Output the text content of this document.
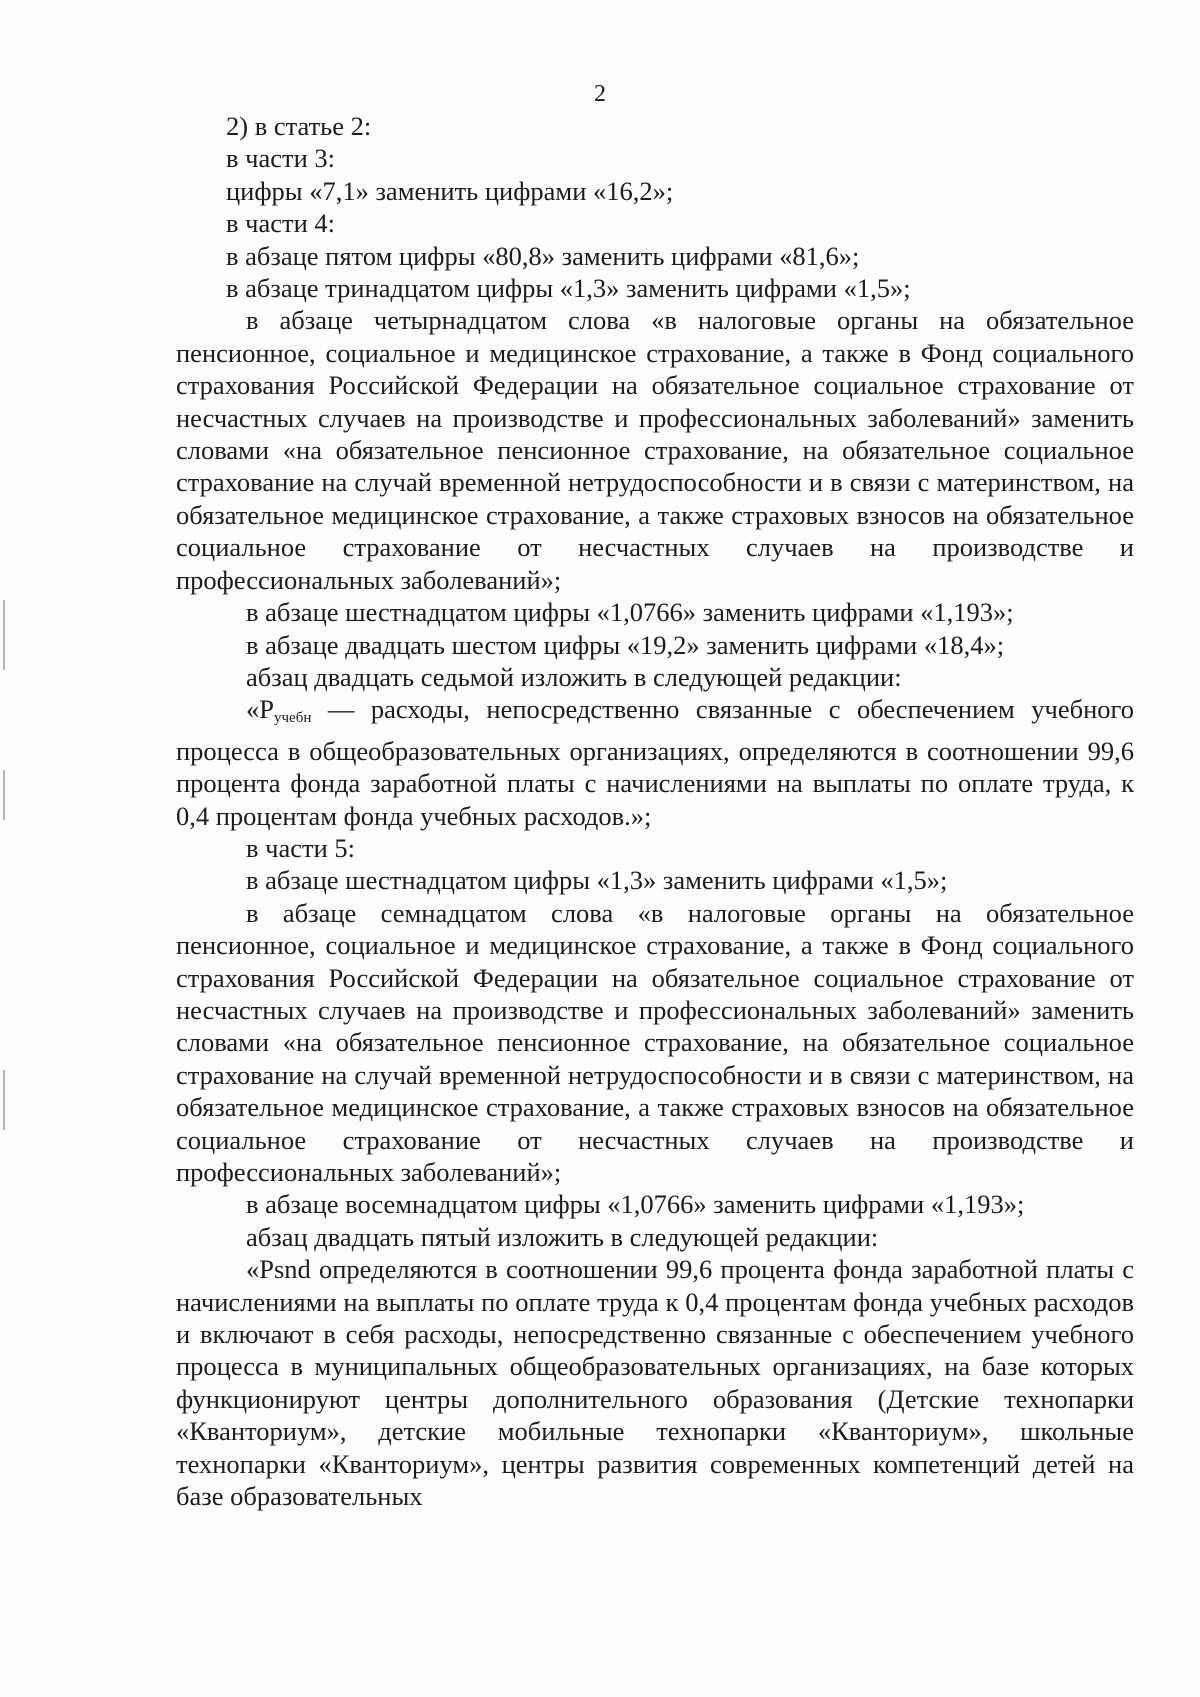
2

2) в статье 2:

в части 3:

цифры «7,1» заменить цифрами «16,2»;

в части 4:

в абзаце пятом цифры «80,8» заменить цифрами «81,6»;

в абзаце тринадцатом цифры «1,3» заменить цифрами «1,5»;

в абзаце четырнадцатом слова «в налоговые органы на обязательное пенсионное, социальное и медицинское страхование, а также в Фонд социального страхования Российской Федерации на обязательное социальное страхование от несчастных случаев на производстве и профессиональных заболеваний» заменить словами «на обязательное пенсионное страхование, на обязательное социальное страхование на случай временной нетрудоспособности и в связи с материнством, на обязательное медицинское страхование, а также страховых взносов на обязательное социальное страхование от несчастных случаев на производстве и профессиональных заболеваний»;

в абзаце шестнадцатом цифры «1,0766» заменить цифрами «1,193»;

в абзаце двадцать шестом цифры «19,2» заменить цифрами «18,4»;

абзац двадцать седьмой изложить в следующей редакции:

«Pучебн — расходы, непосредственно связанные с обеспечением учебного процесса в общеобразовательных организациях, определяются в соотношении 99,6 процента фонда заработной платы с начислениями на выплаты по оплате труда, к 0,4 процентам фонда учебных расходов.»;

в части 5:

в абзаце шестнадцатом цифры «1,3» заменить цифрами «1,5»;

в абзаце семнадцатом слова «в налоговые органы на обязательное пенсионное, социальное и медицинское страхование, а также в Фонд социального страхования Российской Федерации на обязательное социальное страхование от несчастных случаев на производстве и профессиональных заболеваний» заменить словами «на обязательное пенсионное страхование, на обязательное социальное страхование на случай временной нетрудоспособности и в связи с материнством, на обязательное медицинское страхование, а также страховых взносов на обязательное социальное страхование от несчастных случаев на производстве и профессиональных заболеваний»;

в абзаце восемнадцатом цифры «1,0766» заменить цифрами «1,193»;

абзац двадцать пятый изложить в следующей редакции:

«Psnd определяются в соотношении 99,6 процента фонда заработной платы с начислениями на выплаты по оплате труда к 0,4 процентам фонда учебных расходов и включают в себя расходы, непосредственно связанные с обеспечением учебного процесса в муниципальных общеобразовательных организациях, на базе которых функционируют центры дополнительного образования (Детские технопарки «Кванториум», детские мобильные технопарки «Кванториум», школьные технопарки «Кванториум», центры развития современных компетенций детей на базе образовательных
